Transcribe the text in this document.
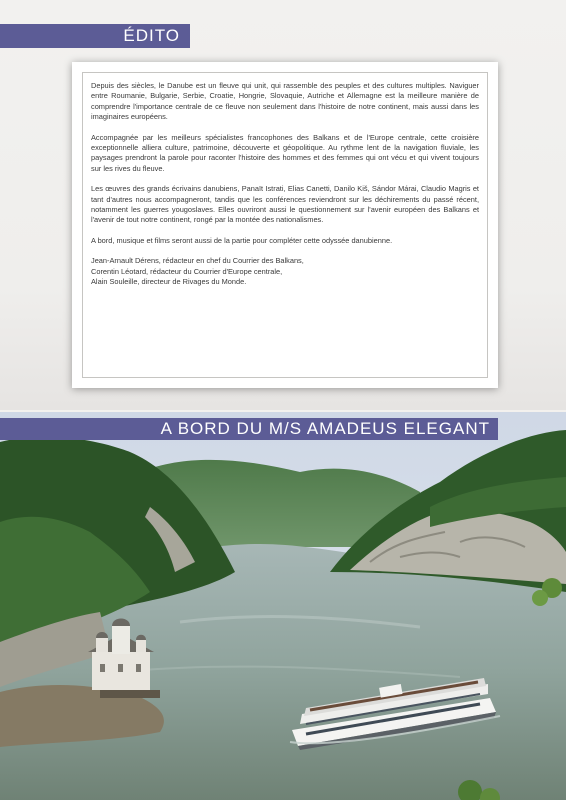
ÉDITO

Depuis des siècles, le Danube est un fleuve qui unit, qui rassemble des peuples et des cultures multiples. Naviguer entre Roumanie, Bulgarie, Serbie, Croatie, Hongrie, Slovaquie, Autriche et Allemagne est la meilleure manière de comprendre l'importance centrale de ce fleuve non seulement dans l'histoire de notre continent, mais aussi dans les imaginaires européens.

Accompagnée par les meilleurs spécialistes francophones des Balkans et de l'Europe centrale, cette croisière exceptionnelle alliera culture, patrimoine, découverte et géopolitique. Au rythme lent de la navigation fluviale, les paysages prendront la parole pour raconter l'histoire des hommes et des femmes qui ont vécu et qui vivent toujours sur les rives du fleuve.

Les œuvres des grands écrivains danubiens, Panaït Istrati, Elias Canetti, Danilo Kiš, Sándor Márai, Claudio Magris et tant d'autres nous accompagneront, tandis que les conférences reviendront sur les déchirements du passé récent, notamment les guerres yougoslaves. Elles ouvriront aussi le questionnement sur l'avenir européen des Balkans et l'avenir de tout notre continent, rongé par la montée des nationalismes.

A bord, musique et films seront aussi de la partie pour compléter cette odyssée danubienne.

Jean-Arnault Dérens, rédacteur en chef du Courrier des Balkans,
Corentin Léotard, rédacteur du Courrier d'Europe centrale,
Alain Souleille, directeur de Rivages du Monde.

A BORD DU M/S AMADEUS ELEGANT
